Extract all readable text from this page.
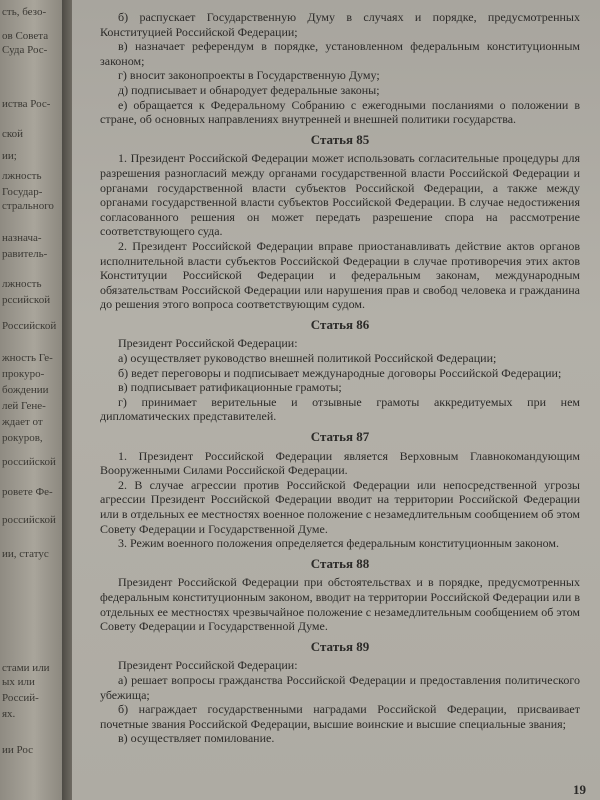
сть, безо-
ов Совета
Суда Рос-
иства Рос-
ской
ии;
лжность
Государ-
стрального
назнача-
равитель-
лжность
рссийской
Российской
жность Ге-
прокуро-
бождении
лей Гене-
ждает от
рокуров,
российской
ровете Фе-
российской
ии, статус
стами или
ых или
Россий-
ях.
ии Рос

б) распускает Государственную Думу в случаях и порядке, предусмотренных Конституцией Российской Федерации;

в) назначает референдум в порядке, установленном федеральным конституционным законом;

г) вносит законопроекты в Государственную Думу;

д) подписывает и обнародует федеральные законы;

е) обращается к Федеральному Собранию с ежегодными посланиями о положении в стране, об основных направлениях внутренней и внешней политики государства.

Статья 85

1. Президент Российской Федерации может использовать согласительные процедуры для разрешения разногласий между органами государственной власти Российской Федерации и органами государственной власти субъектов Российской Федерации, а также между органами государственной власти субъектов Российской Федерации. В случае недостижения согласованного решения он может передать разрешение спора на рассмотрение соответствующего суда.

2. Президент Российской Федерации вправе приостанавливать действие актов органов исполнительной власти субъектов Российской Федерации в случае противоречия этих актов Конституции Российской Федерации и федеральным законам, международным обязательствам Российской Федерации или нарушения прав и свобод человека и гражданина до решения этого вопроса соответствующим судом.

Статья 86

Президент Российской Федерации:

а) осуществляет руководство внешней политикой Российской Федерации;

б) ведет переговоры и подписывает международные договоры Российской Федерации;

в) подписывает ратификационные грамоты;

г) принимает верительные и отзывные грамоты аккредитуемых при нем дипломатических представителей.

Статья 87

1. Президент Российской Федерации является Верховным Главнокомандующим Вооруженными Силами Российской Федерации.

2. В случае агрессии против Российской Федерации или непосредственной угрозы агрессии Президент Российской Федерации вводит на территории Российской Федерации или в отдельных ее местностях военное положение с незамедлительным сообщением об этом Совету Федерации и Государственной Думе.

3. Режим военного положения определяется федеральным конституционным законом.

Статья 88

Президент Российской Федерации при обстоятельствах и в порядке, предусмотренных федеральным конституционным законом, вводит на территории Российской Федерации или в отдельных ее местностях чрезвычайное положение с незамедлительным сообщением об этом Совету Федерации и Государственной Думе.

Статья 89

Президент Российской Федерации:

а) решает вопросы гражданства Российской Федерации и предоставления политического убежища;

б) награждает государственными наградами Российской Федерации, присваивает почетные звания Российской Федерации, высшие воинские и высшие специальные звания;

в) осуществляет помилование.

19
